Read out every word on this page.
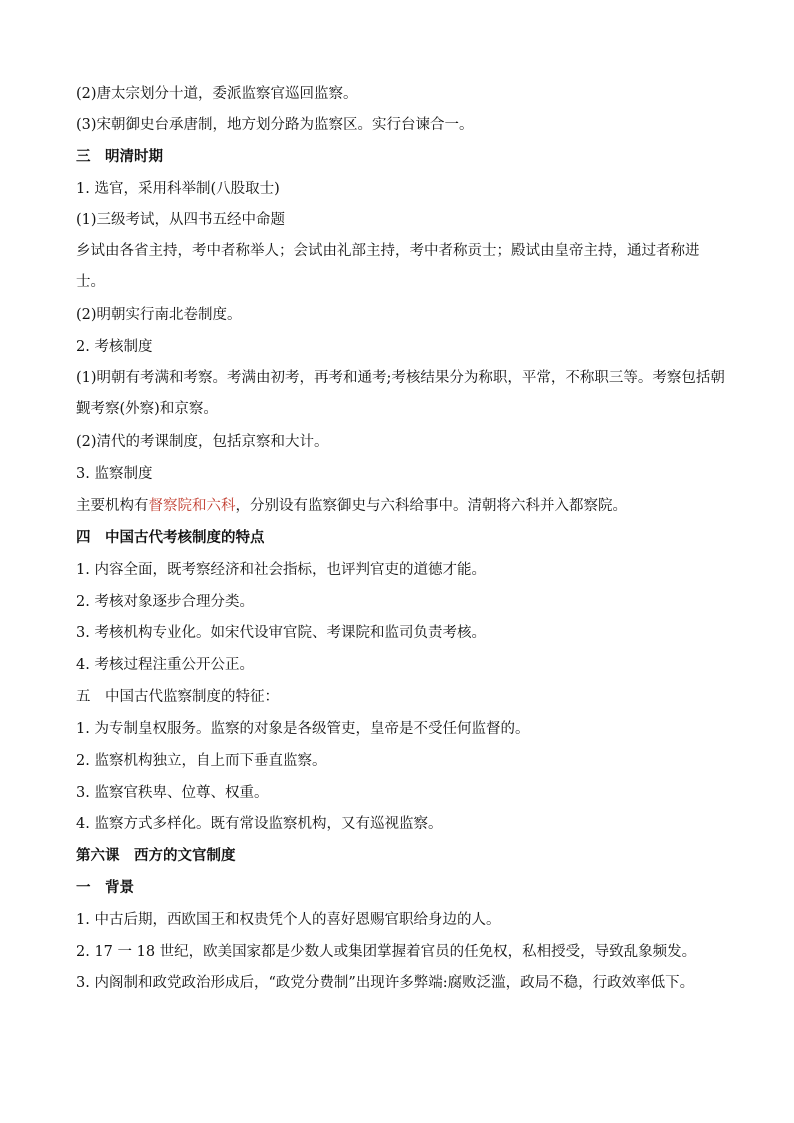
(2)唐太宗划分十道，委派监察官巡回监察。
(3)宋朝御史台承唐制，地方划分路为监察区。实行台谏合一。
三　明清时期
1. 选官，采用科举制(八股取士)
(1)三级考试，从四书五经中命题
乡试由各省主持，考中者称举人；会试由礼部主持，考中者称贡士；殿试由皇帝主持，通过者称进士。
(2)明朝实行南北卷制度。
2. 考核制度
(1)明朝有考满和考察。考满由初考，再考和通考;考核结果分为称职，平常，不称职三等。考察包括朝觐考察(外察)和京察。
(2)清代的考课制度，包括京察和大计。
3. 监察制度
主要机构有督察院和六科，分别设有监察御史与六科给事中。清朝将六科并入都察院。
四　中国古代考核制度的特点
1. 内容全面，既考察经济和社会指标，也评判官吏的道德才能。
2. 考核对象逐步合理分类。
3. 考核机构专业化。如宋代设审官院、考课院和监司负责考核。
4. 考核过程注重公开公正。
五　中国古代监察制度的特征：
1. 为专制皇权服务。监察的对象是各级管吏，皇帝是不受任何监督的。
2. 监察机构独立，自上而下垂直监察。
3. 监察官秩卑、位尊、权重。
4. 监察方式多样化。既有常设监察机构，又有巡视监察。
第六课　西方的文官制度
一　背景
1. 中古后期，西欧国王和权贵凭个人的喜好恩赐官职给身边的人。
2. 17 一 18 世纪，欧美国家都是少数人或集团掌握着官员的任免权，私相授受，导致乱象频发。
3. 内阁制和政党政治形成后，“政党分费制”出现许多弊端:腐败泛滥，政局不稳，行政效率低下。
